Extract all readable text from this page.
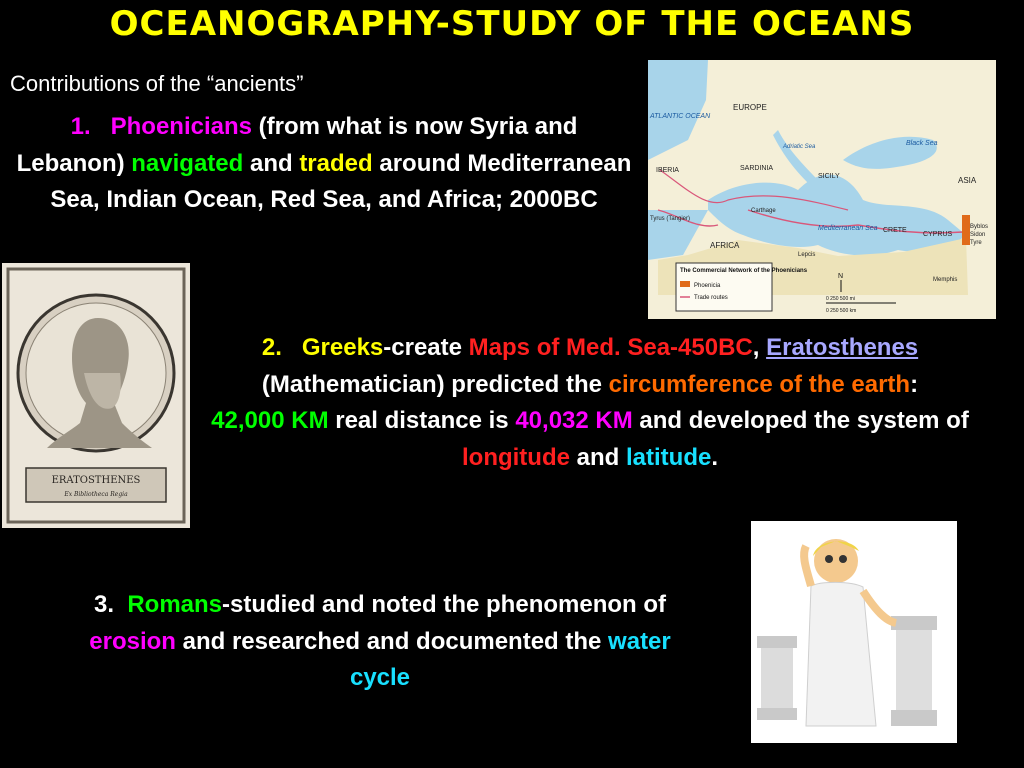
OCEANOGRAPHY-STUDY OF THE OCEANS
Contributions of the “ancients”
1. Phoenicians (from what is now Syria and Lebanon) navigated and traded around Mediterranean Sea, Indian Ocean, Red Sea, and Africa; 2000BC
2. Greeks-create Maps of Med. Sea-450BC, Eratosthenes (Mathematician) predicted the circumference of the earth:
42,000 KM real distance is 40,032 KM and developed the system of longitude and latitude.
3. Romans-studied and noted the phenomenon of erosion and researched and documented the water cycle
EUROPE
ATLANTIC OCEAN
Black Sea
ASIA
Adriatic Sea
IBERIA	SARDINIA
SICILY
Carthage
Tyrus (Tangier)
AFRICA
Mediterranean Sea CRETE
CYPRUS
Byblos
Sidon
Tyre
Lepcis
Memphis
The Commercial Network of the Phoenicians
Phoenicia
Trade routes
N
0 250 500 mi
0 250 500 km
ERATOSTHENES
Ex Bibliotheca Regia
